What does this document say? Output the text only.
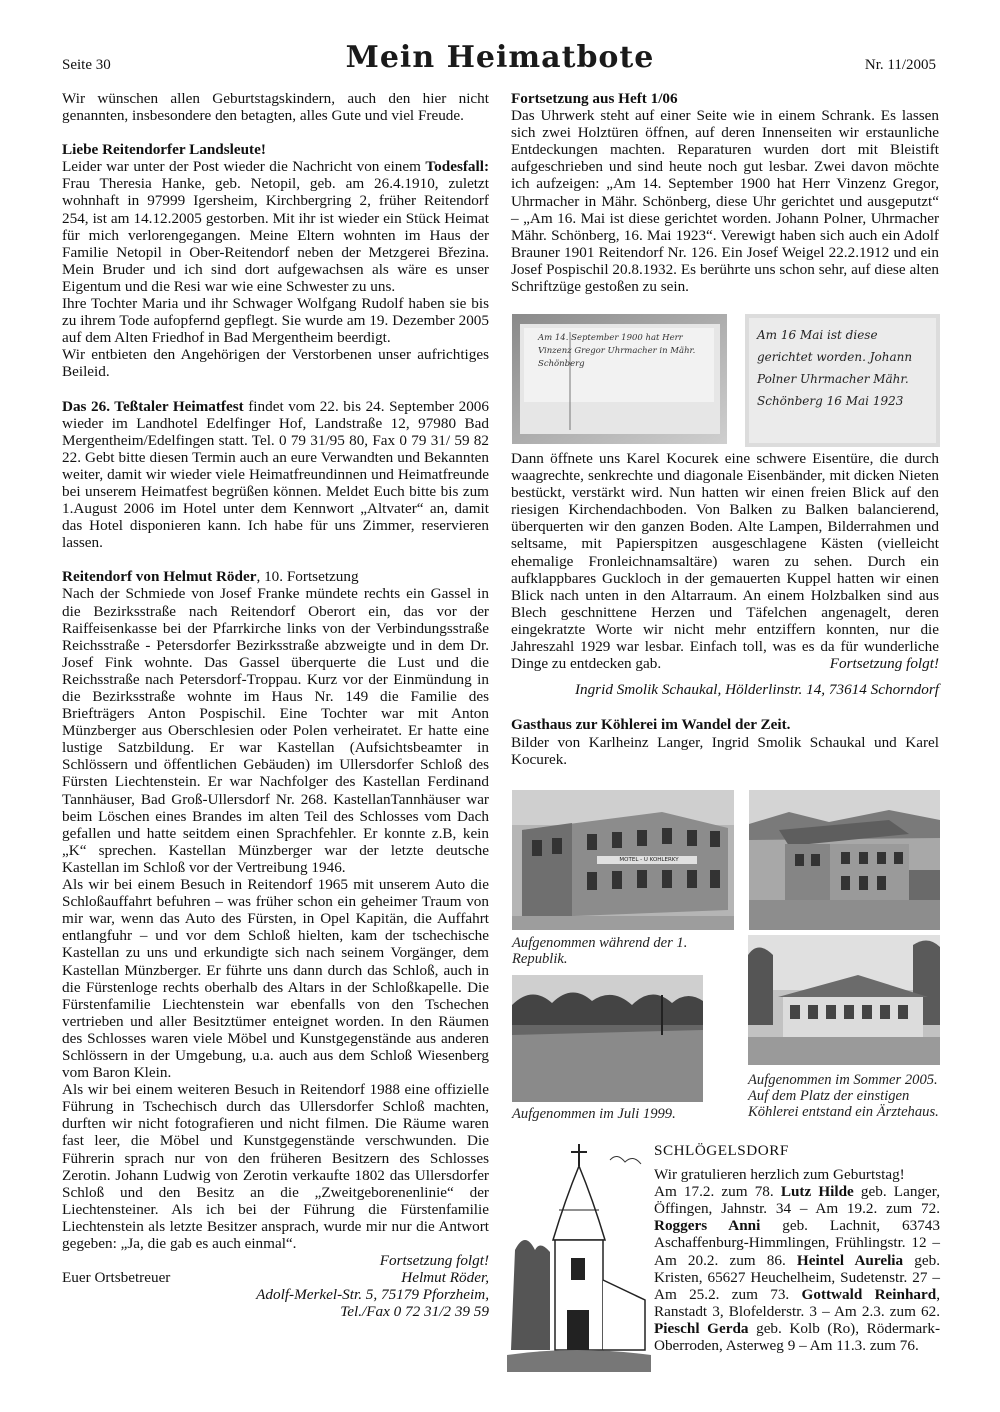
Seite 30	Mein Heimatbote	Nr. 11/2005

Wir wünschen allen Geburtstagskindern, auch den hier nicht genannten, insbesondere den betagten, alles Gute und viel Freude.

Liebe Reitendorfer Landsleute!

Leider war unter der Post wieder die Nachricht von einem Todesfall: Frau Theresia Hanke, geb. Netopil, geb. am 26.4.1910, zuletzt wohnhaft in 97999 Igersheim, Kirchbergring 2, früher Reitendorf 254, ist am 14.12.2005 gestorben. Mit ihr ist wieder ein Stück Heimat für mich verlorengegangen. Meine Eltern wohnten im Haus der Familie Netopil in Ober-Reitendorf neben der Metzgerei Březina. Mein Bruder und ich sind dort aufgewachsen als wäre es unser Eigentum und die Resi war wie eine Schwester zu uns.

Ihre Tochter Maria und ihr Schwager Wolfgang Rudolf haben sie bis zu ihrem Tode aufopfernd gepflegt. Sie wurde am 19. Dezember 2005 auf dem Alten Friedhof in Bad Mergentheim beerdigt.

Wir entbieten den Angehörigen der Verstorbenen unser aufrichtiges Beileid.

Das 26. Teßtaler Heimatfest findet vom 22. bis 24. September 2006 wieder im Landhotel Edelfinger Hof, Landstraße 12, 97980 Bad Mergentheim/Edelfingen statt. Tel. 0 79 31/95 80, Fax 0 79 31/ 59 82 22. Gebt bitte diesen Termin auch an eure Verwandten und Bekannten weiter, damit wir wieder viele Heimatfreundinnen und Heimatfreunde bei unserem Heimatfest begrüßen können. Meldet Euch bitte bis zum 1.August 2006 im Hotel unter dem Kennwort „Altvater“ an, damit das Hotel disponieren kann. Ich habe für uns Zimmer, reservieren lassen.

Reitendorf von Helmut Röder, 10. Fortsetzung

Nach der Schmiede von Josef Franke mündete rechts ein Gassel in die Bezirksstraße nach Reitendorf Oberort ein, das vor der Raiffeisenkasse bei der Pfarrkirche links von der Verbindungsstraße Reichsstraße - Petersdorfer Bezirksstraße abzweigte und in dem Dr. Josef Fink wohnte. Das Gassel überquerte die Lust und die Reichsstraße nach Petersdorf-Troppau. Kurz vor der Einmündung in die Bezirksstraße wohnte im Haus Nr. 149 die Familie des Briefträgers Anton Pospischil. Eine Tochter war mit Anton Münzberger aus Oberschlesien oder Polen verheiratet. Er hatte eine lustige Satzbildung. Er war Kastellan (Aufsichtsbeamter in Schlössern und öffentlichen Gebäuden) im Ullersdorfer Schloß des Fürsten Liechtenstein. Er war Nachfolger des Kastellan Ferdinand Tannhäuser, Bad Groß-Ullersdorf Nr. 268. KastellanTannhäuser war beim Löschen eines Brandes im alten Teil des Schlosses vom Dach gefallen und hatte seitdem einen Sprachfehler. Er konnte z.B, kein „K“ sprechen. Kastellan Münzberger war der letzte deutsche Kastellan im Schloß vor der Vertreibung 1946.

Als wir bei einem Besuch in Reitendorf 1965 mit unserem Auto die Schloßauffahrt befuhren – was früher schon ein geheimer Traum von mir war, wenn das Auto des Fürsten, in Opel Kapitän, die Auffahrt entlangfuhr – und vor dem Schloß hielten, kam der tschechische Kastellan zu uns und erkundigte sich nach seinem Vorgänger, dem Kastellan Münzberger. Er führte uns dann durch das Schloß, auch in die Fürstenloge rechts oberhalb des Altars in der Schloßkapelle. Die Fürstenfamilie Liechtenstein war ebenfalls von den Tschechen vertrieben und aller Besitztümer enteignet worden. In den Räumen des Schlosses waren viele Möbel und Kunstgegenstände aus anderen Schlössern in der Umgebung, u.a. auch aus dem Schloß Wiesenberg vom Baron Klein.

Als wir bei einem weiteren Besuch in Reitendorf 1988 eine offizielle Führung in Tschechisch durch das Ullersdorfer Schloß machten, durften wir nicht fotografieren und nicht filmen. Die Räume waren fast leer, die Möbel und Kunstgegenstände verschwunden. Die Führerin sprach nur von den früheren Besitzern des Schlosses Zerotin. Johann Ludwig von Zerotin verkaufte 1802 das Ullersdorfer Schloß und den Besitz an die „Zweitgeborenenlinie“ der Liechtensteiner. Als ich bei der Führung die Fürstenfamilie Liechtenstein als letzte Besitzer ansprach, wurde mir nur die Antwort gegeben: „Ja, die gab es auch einmal“.

Fortsetzung folgt!

Euer Ortsbetreuer	Helmut Röder,

Adolf-Merkel-Str. 5, 75179 Pforzheim,

Tel./Fax 0 72 31/2 39 59

Fortsetzung aus Heft 1/06

Das Uhrwerk steht auf einer Seite wie in einem Schrank. Es lassen sich zwei Holztüren öffnen, auf deren Innenseiten wir erstaunliche Entdeckungen machten. Reparaturen wurden dort mit Bleistift aufgeschrieben und sind heute noch gut lesbar. Zwei davon möchte ich aufzeigen: „Am 14. September 1900 hat Herr Vinzenz Gregor, Uhrmacher in Mähr. Schönberg, diese Uhr gerichtet und ausgeputzt“ – „Am 16. Mai ist diese gerichtet worden. Johann Polner, Uhrmacher Mähr. Schönberg, 16. Mai 1923“. Verewigt haben sich auch ein Adolf Brauner 1901 Reitendorf Nr. 126. Ein Josef Weigel 22.2.1912 und ein Josef Pospischil 20.8.1932. Es berührte uns schon sehr, auf diese alten Schriftzüge gestoßen zu sein.

Am 14. September 1900 hat Herr Vinzenz Gregor Uhrmacher in Mähr. Schönberg
Am 16 Mai ist diese gerichtet worden. Johann Polner Uhrmacher Mähr. Schönberg 16 Mai 1923

Dann öffnete uns Karel Kocurek eine schwere Eisentüre, die durch waagrechte, senkrechte und diagonale Eisenbänder, mit dicken Nieten bestückt, verstärkt wird. Nun hatten wir einen freien Blick auf den riesigen Kirchendachboden. Von Balken zu Balken balancierend, überquerten wir den ganzen Boden. Alte Lampen, Bilderrahmen und seltsame, mit Papierspitzen ausgeschlagene Kästen (vielleicht ehemalige Fronleichnamsaltäre) waren zu sehen. Durch ein aufklappbares Guckloch in der gemauerten Kuppel hatten wir einen Blick nach unten in den Altarraum. An einem Holzbalken sind aus Blech geschnittene Herzen und Täfelchen angenagelt, deren eingekratzte Worte wir nicht mehr entziffern konnten, nur die Jahreszahl 1929 war lesbar. Einfach toll, was es da für wunderliche Dinge zu entdecken gab.	Fortsetzung folgt!

Ingrid Smolik Schaukal, Hölderlinstr. 14, 73614 Schorndorf

Gasthaus zur Köhlerei im Wandel der Zeit.

Bilder von Karlheinz Langer, Ingrid Smolik Schaukal und Karel Kocurek.

MOTEL - U KOHLERKY
Aufgenommen während der 1. Republik.
Aufgenommen im Juli 1999.
Aufgenommen im Sommer 2005. Auf dem Platz der einstigen Köhlerei entstand ein Ärztehaus.
SCHLÖGELSDORF

Wir gratulieren herzlich zum Geburtstag!

Am 17.2. zum 78. Lutz Hilde geb. Langer, Öffingen, Jahnstr. 34 – Am 19.2. zum 72. Roggers Anni geb. Lachnit, 63743 Aschaffenburg-Himmlingen, Frühlingstr. 12 – Am 20.2. zum 86. Heintel Aurelia geb. Kristen, 65627 Heuchelheim, Sudetenstr. 27 – Am 25.2. zum 73. Gottwald Reinhard, Ranstadt 3, Blofelderstr. 3 – Am 2.3. zum 62. Pieschl Gerda geb. Kolb (Ro), Rödermark-Oberroden, Asterweg 9 – Am 11.3. zum 76.
